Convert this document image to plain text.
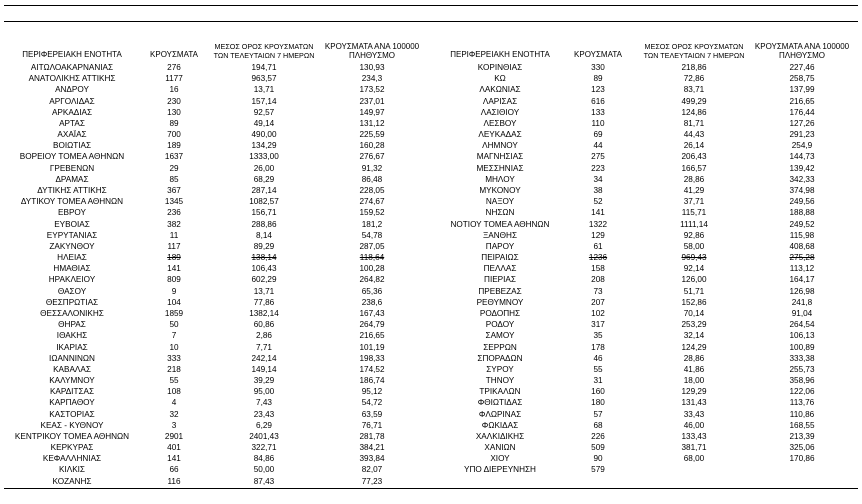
ΠΕΡΙΦΕΡΕΙΑΚΗ ΕΝΟΤΗΤΑ	ΚΡΟΥΣΜΑΤΑ
ΜΕΣΟΣ ΟΡΟΣ ΚΡΟΥΣΜΑΤΩΝ
ΤΩΝ ΤΕΛΕΥΤΑΙΩΝ 7 ΗΜΕΡΩΝ
ΚΡΟΥΣΜΑΤΑ ΑΝΑ 100000
ΠΛΗΘΥΣΜΟ	ΠΕΡΙΦΕΡΕΙΑΚΗ ΕΝΟΤΗΤΑ	ΚΡΟΥΣΜΑΤΑ
ΜΕΣΟΣ ΟΡΟΣ ΚΡΟΥΣΜΑΤΩΝ
ΤΩΝ ΤΕΛΕΥΤΑΙΩΝ 7 ΗΜΕΡΩΝ
ΚΡΟΥΣΜΑΤΑ ΑΝΑ 100000
ΠΛΗΘΥΣΜΟ
ΑΙΤΩΛΟΑΚΑΡΝΑΝΙΑΣ	276	194,71	130,93	ΚΟΡΙΝΘΙΑΣ	330	218,86	227,46
ΑΝΑΤΟΛΙΚΗΣ ΑΤΤΙΚΗΣ	1177	963,57	234,3	ΚΩ	89	72,86	258,75
ΑΝΔΡΟΥ	16	13,71	173,52	ΛΑΚΩΝΙΑΣ	123	83,71	137,99
ΑΡΓΟΛΙΔΑΣ	230	157,14	237,01	ΛΑΡΙΣΑΣ	616	499,29	216,65
ΑΡΚΑΔΙΑΣ	130	92,57	149,97	ΛΑΣΙΘΙΟΥ	133	124,86	176,44
ΑΡΤΑΣ	89	49,14	131,12	ΛΕΣΒΟΥ	110	81,71	127,26
ΑΧΑΪΑΣ	700	490,00	225,59	ΛΕΥΚΑΔΑΣ	69	44,43	291,23
ΒΟΙΩΤΙΑΣ	189	134,29	160,28	ΛΗΜΝΟΥ	44	26,14	254,9
ΒΟΡΕΙΟΥ ΤΟΜΕΑ ΑΘΗΝΩΝ	1637	1333,00	276,67	ΜΑΓΝΗΣΙΑΣ	275	206,43	144,73
ΓΡΕΒΕΝΩΝ	29	26,00	91,32	ΜΕΣΣΗΝΙΑΣ	223	166,57	139,42
ΔΡΑΜΑΣ	85	68,29	86,48	ΜΗΛΟΥ	34	28,86	342,33
ΔΥΤΙΚΗΣ ΑΤΤΙΚΗΣ	367	287,14	228,05	ΜΥΚΟΝΟΥ	38	41,29	374,98
ΔΥΤΙΚΟΥ ΤΟΜΕΑ ΑΘΗΝΩΝ	1345	1082,57	274,67	ΝΑΞΟΥ	52	37,71	249,56
ΕΒΡΟΥ	236	156,71	159,52	ΝΗΣΩΝ	141	115,71	188,88
ΕΥΒΟΙΑΣ	382	288,86	181,2	ΝΟΤΙΟΥ ΤΟΜΕΑ ΑΘΗΝΩΝ	1322	1111,14	249,52
ΕΥΡΥΤΑΝΙΑΣ	11	8,14	54,78	ΞΑΝΘΗΣ	129	92,86	115,98
ΖΑΚΥΝΘΟΥ	117	89,29	287,05	ΠΑΡΟΥ	61	58,00	408,68
ΗΛΕΙΑΣ	189	138,14	118,64	ΠΕΙΡΑΙΩΣ	1236	969,43	275,28
ΗΜΑΘΙΑΣ	141	106,43	100,28	ΠΕΛΛΑΣ	158	92,14	113,12
ΗΡΑΚΛΕΙΟΥ	809	602,29	264,82	ΠΙΕΡΙΑΣ	208	126,00	164,17
ΘΑΣΟΥ	9	13,71	65,36	ΠΡΕΒΕΖΑΣ	73	51,71	126,98
ΘΕΣΠΡΩΤΙΑΣ	104	77,86	238,6	ΡΕΘΥΜΝΟΥ	207	152,86	241,8
ΘΕΣΣΑΛΟΝΙΚΗΣ	1859	1382,14	167,43	ΡΟΔΟΠΗΣ	102	70,14	91,04
ΘΗΡΑΣ	50	60,86	264,79	ΡΟΔΟΥ	317	253,29	264,54
ΙΘΑΚΗΣ	7	2,86	216,65	ΣΑΜΟΥ	35	32,14	106,13
ΙΚΑΡΙΑΣ	10	7,71	101,19	ΣΕΡΡΩΝ	178	124,29	100,89
ΙΩΑΝΝΙΝΩΝ	333	242,14	198,33	ΣΠΟΡΑΔΩΝ	46	28,86	333,38
ΚΑΒΑΛΑΣ	218	149,14	174,52	ΣΥΡΟΥ	55	41,86	255,73
ΚΑΛΥΜΝΟΥ	55	39,29	186,74	ΤΗΝΟΥ	31	18,00	358,96
ΚΑΡΔΙΤΣΑΣ	108	95,00	95,12	ΤΡΙΚΑΛΩΝ	160	129,29	122,06
ΚΑΡΠΑΘΟΥ	4	7,43	54,72	ΦΘΙΩΤΙΔΑΣ	180	131,43	113,76
ΚΑΣΤΟΡΙΑΣ	32	23,43	63,59	ΦΛΩΡΙΝΑΣ	57	33,43	110,86
ΚΕΑΣ - ΚΥΘΝΟΥ	3	6,29	76,71	ΦΩΚΙΔΑΣ	68	46,00	168,55
ΚΕΝΤΡΙΚΟΥ ΤΟΜΕΑ ΑΘΗΝΩΝ	2901	2401,43	281,78	ΧΑΛΚΙΔΙΚΗΣ	226	133,43	213,39
ΚΕΡΚΥΡΑΣ	401	322,71	384,21	ΧΑΝΙΩΝ	509	381,71	325,06
ΚΕΦΑΛΛΗΝΙΑΣ	141	84,86	393,84	ΧΙΟΥ	90	68,00	170,86
ΚΙΛΚΙΣ	66	50,00	82,07	ΥΠΟ ΔΙΕΡΕΥΝΗΣΗ	579
ΚΟΖΑΝΗΣ	116	87,43	77,23
